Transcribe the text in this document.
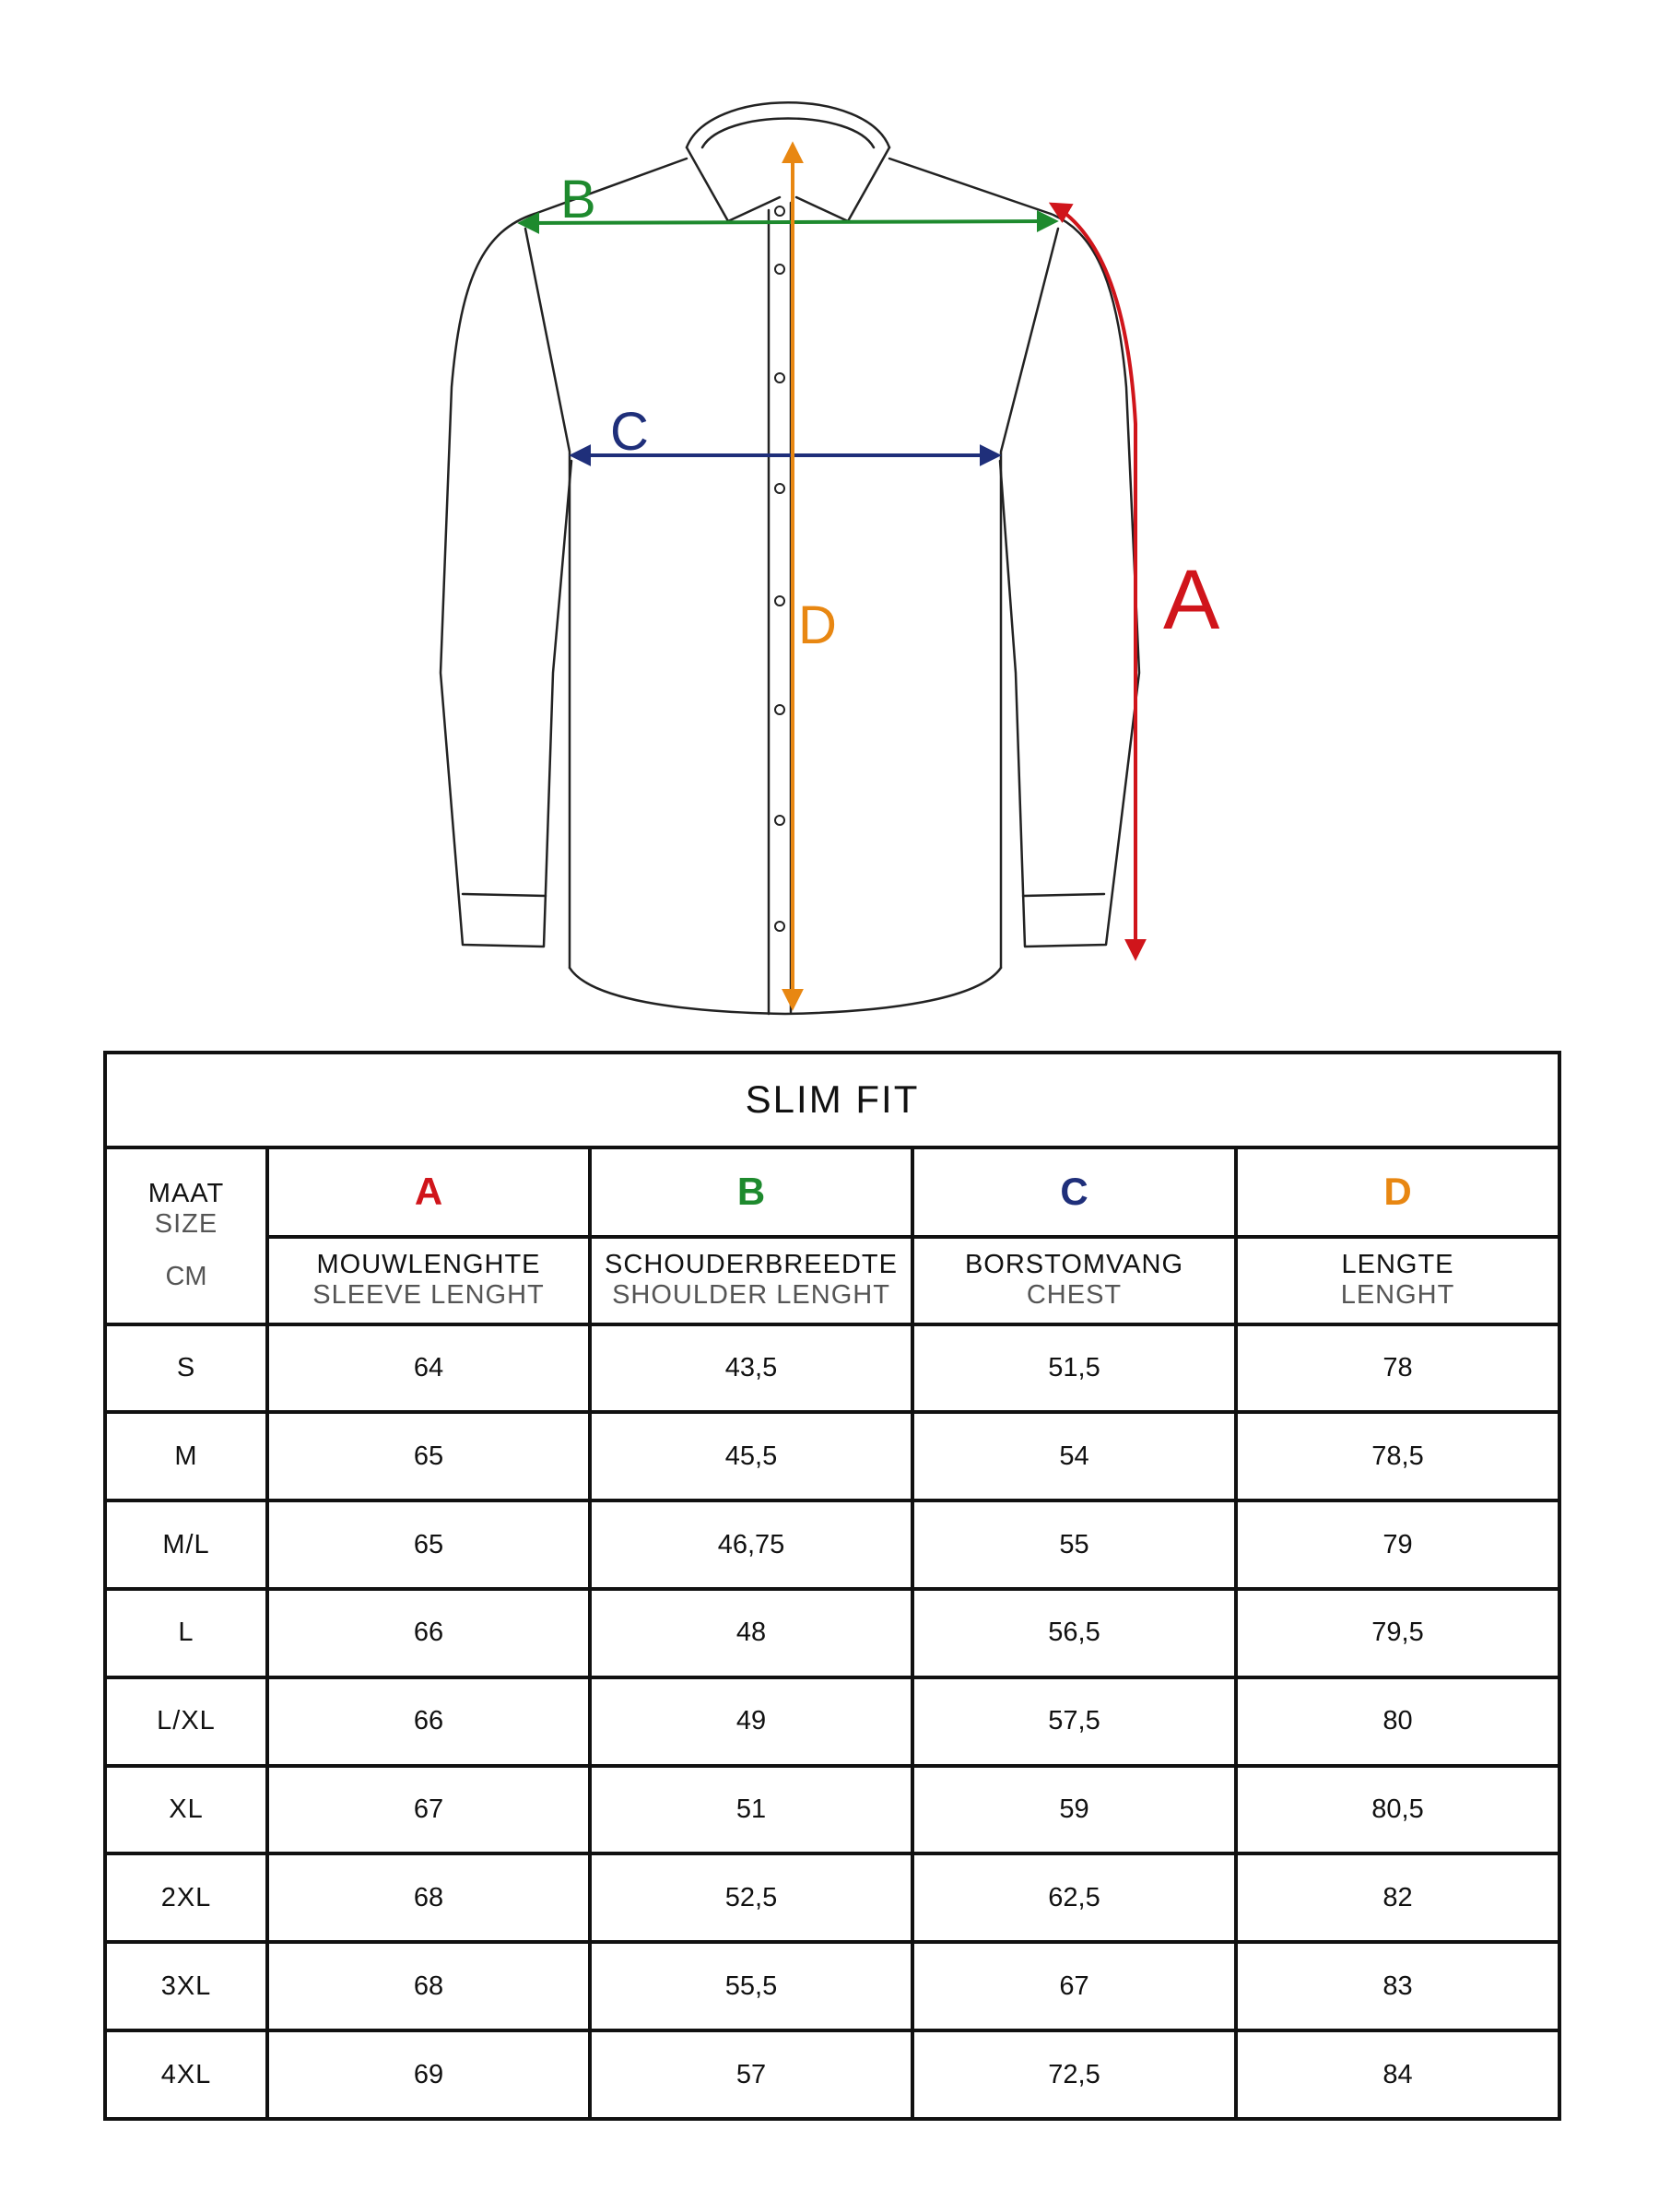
A
B
C
D
SLIM FIT				

MAAT
SIZE
CM	A	B	C	D

	MOUWLENGHTE
SLEEVE LENGHT	SCHOUDERBREEDTE
SHOULDER LENGHT	BORSTOMVANG
CHEST	LENGTE
LENGHT

S	64	43,5	51,5	78
M	65	45,5	54	78,5
M/L	65	46,75	55	79
L	66	48	56,5	79,5
L/XL	66	49	57,5	80
XL	67	51	59	80,5
2XL	68	52,5	62,5	82
3XL	68	55,5	67	83
4XL	69	57	72,5	84
